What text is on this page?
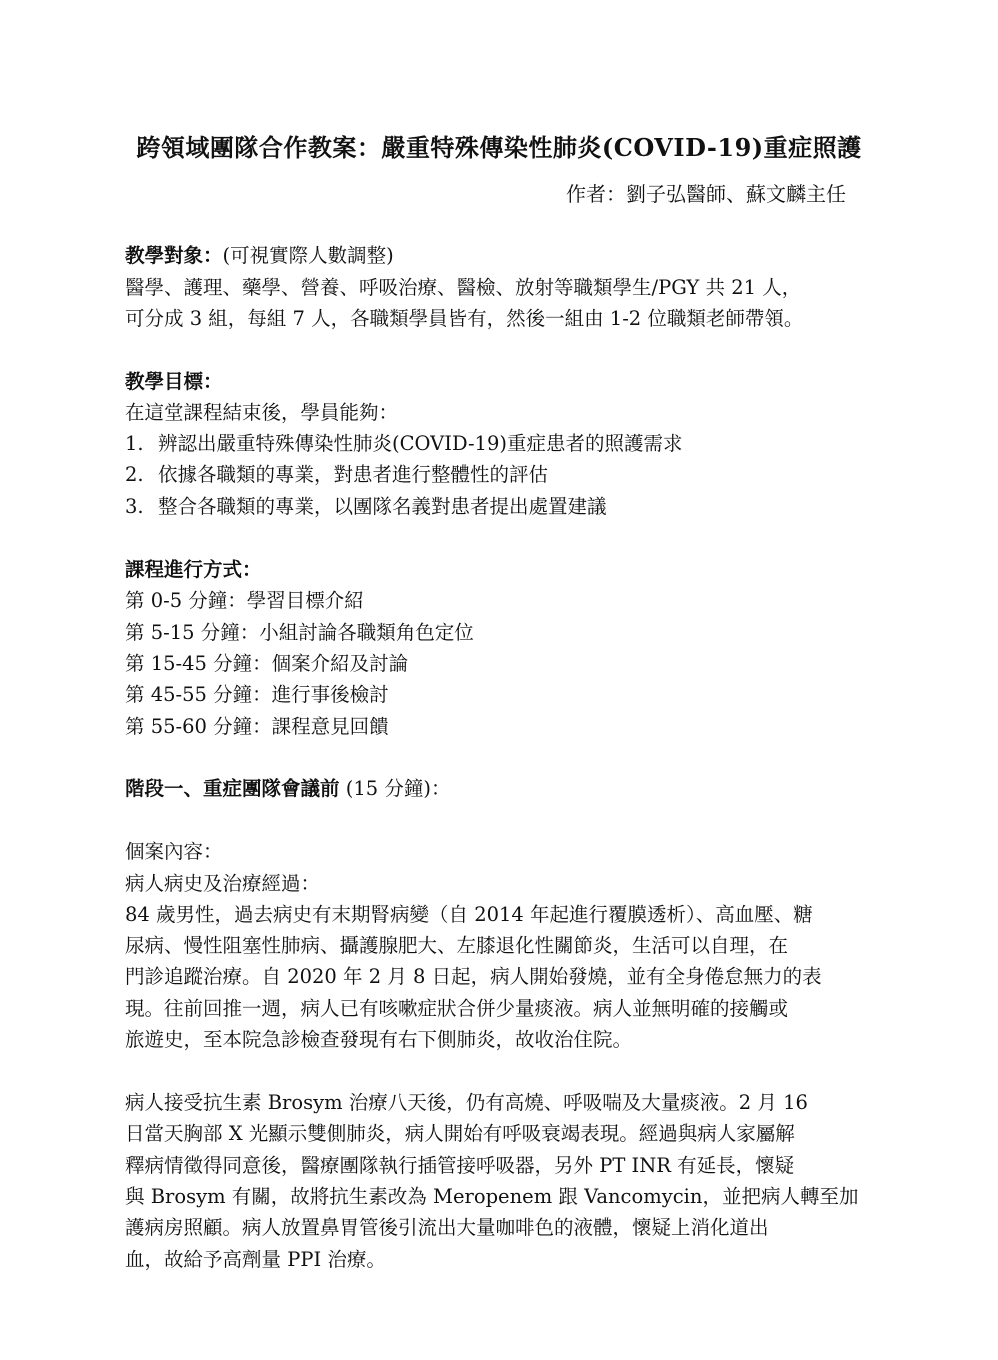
跨領域團隊合作教案：嚴重特殊傳染性肺炎(COVID-19)重症照護
作者：劉子弘醫師、蘇文麟主任
教學對象：(可視實際人數調整)
醫學、護理、藥學、營養、呼吸治療、醫檢、放射等職類學生/PGY 共 21 人，
可分成 3 組，每組 7 人，各職類學員皆有，然後一組由 1-2 位職類老師帶領。
教學目標：
在這堂課程結束後，學員能夠：
1. 辨認出嚴重特殊傳染性肺炎(COVID-19)重症患者的照護需求
2. 依據各職類的專業，對患者進行整體性的評估
3. 整合各職類的專業，以團隊名義對患者提出處置建議
課程進行方式：
第 0-5 分鐘：學習目標介紹
第 5-15 分鐘：小組討論各職類角色定位
第 15-45 分鐘：個案介紹及討論
第 45-55 分鐘：進行事後檢討
第 55-60 分鐘：課程意見回饋
階段一、重症團隊會議前 (15 分鐘)：
個案內容：
病人病史及治療經過：
84 歲男性，過去病史有末期腎病變（自 2014 年起進行覆膜透析）、高血壓、糖
尿病、慢性阻塞性肺病、攝護腺肥大、左膝退化性關節炎，生活可以自理，在
門診追蹤治療。自 2020 年 2 月 8 日起，病人開始發燒，並有全身倦怠無力的表
現。往前回推一週，病人已有咳嗽症狀合併少量痰液。病人並無明確的接觸或
旅遊史，至本院急診檢查發現有右下側肺炎，故收治住院。
病人接受抗生素 Brosym 治療八天後，仍有高燒、呼吸喘及大量痰液。2 月 16
日當天胸部 X 光顯示雙側肺炎，病人開始有呼吸衰竭表現。經過與病人家屬解
釋病情徵得同意後，醫療團隊執行插管接呼吸器，另外 PT INR 有延長，懷疑
與 Brosym 有關，故將抗生素改為 Meropenem 跟 Vancomycin，並把病人轉至加
護病房照顧。病人放置鼻胃管後引流出大量咖啡色的液體，懷疑上消化道出
血，故給予高劑量 PPI 治療。
